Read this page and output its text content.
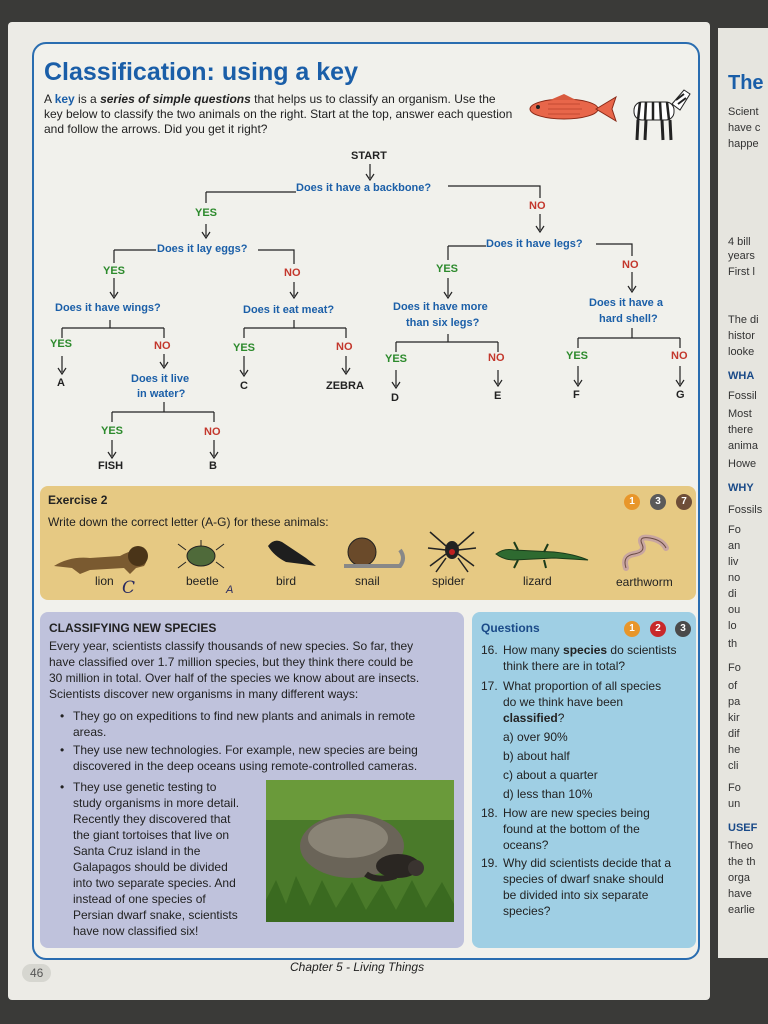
The
Scient
have c
happe
4 bill
years
First l
The di
histor
looke
WHA
Fossil
Most
there
anima
Howe
WHY
Fossils
Fo
an
liv
no
di
ou
lo
th
Fo
of
pa
kir
dif
he
cli
Fo
un
USEF
Theo
the th
orga
have
earlie
Classification: using a key
A key is a series of simple questions that helps us to classify an organism. Use the key below to classify the two animals on the right. Start at the top, answer each question and follow the arrows. Did you get it right?
START
Does it have a backbone?
YES
NO
Does it lay eggs?	Does it have legs?
YES	NO	YES	NO
Does it have wings?	Does it eat meat?	Does it have more
than six legs?
Does it have a
hard shell?
YES	NO	YES	NO
YES	NO	YES	NO
A	Does it live
in water?
C	ZEBRA
D	E	F	G
YES	NO
FISH	B
Exercise 2
Write down the correct letter (A-G) for these animals:
1	3	7
lion	beetle	bird	snail	spider	lizard	earthworm
C	A
CLASSIFYING NEW SPECIES
Every year, scientists classify thousands of new species. So far, they
have classified over 1.7 million species, but they think there could be
30 million in total. Over half of the species we know about are insects.
Scientists discover new organisms in many different ways:
• They go on expeditions to find new plants and animals in remote
areas.
• They use new technologies. For example, new species are being
discovered in the deep oceans using remote-controlled cameras.
• They use genetic testing to
study organisms in more detail.
Recently they discovered that
the giant tortoises that live on
Santa Cruz island in the
Galapagos should be divided
into two separate species. And
instead of one species of
Persian dwarf snake, scientists
have now classified six!
Questions	1	2	3
16. How many species do scientists
think there are in total?
17. What proportion of all species
do we think have been
classified?
a) over 90%
b) about half
c) about a quarter
d) less than 10%
18. How are new species being
found at the bottom of the
oceans?
19. Why did scientists decide that a
species of dwarf snake should
be divided into six separate
species?
46	Chapter 5 - Living Things
